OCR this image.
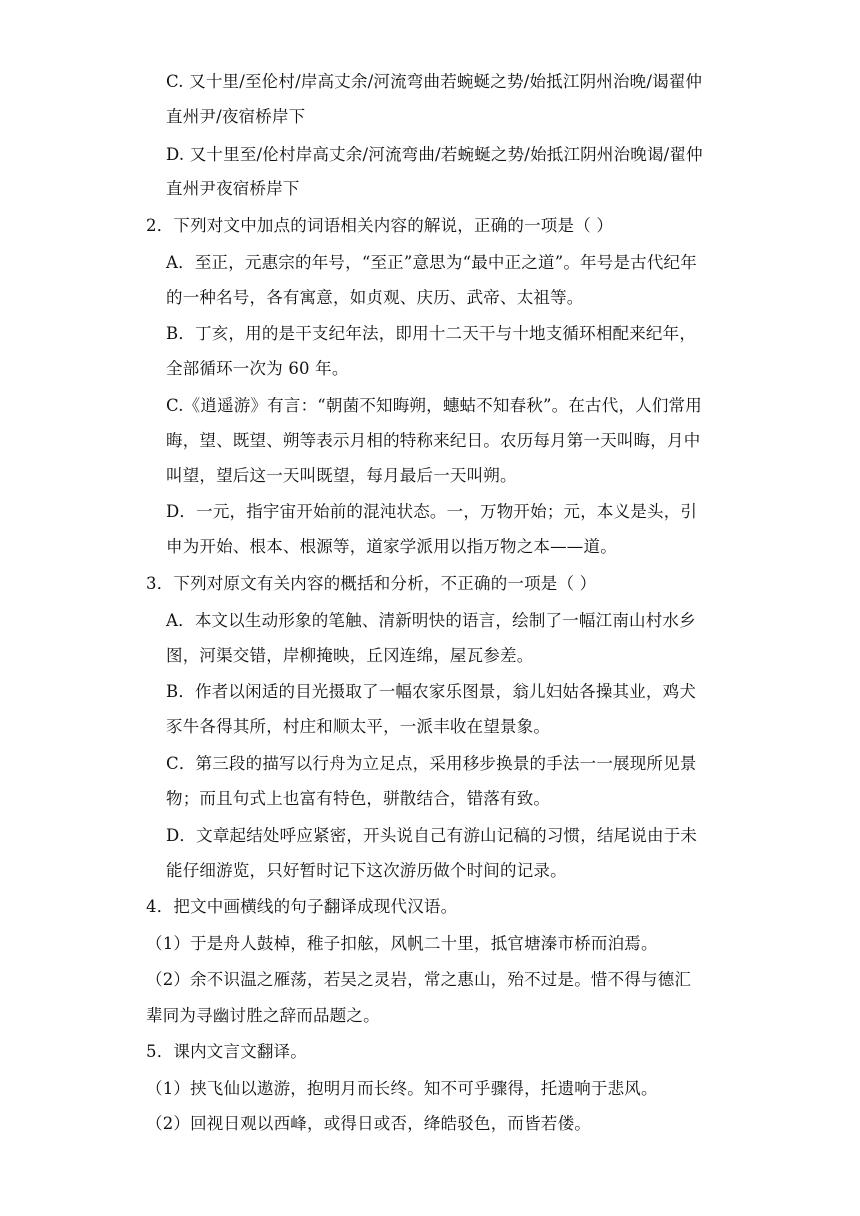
C. 又十里/至伦村/岸高丈余/河流弯曲若蜿蜒之势/始抵江阴州治晚/谒翟仲
直州尹/夜宿桥岸下
D. 又十里至/伦村岸高丈余/河流弯曲/若蜿蜒之势/始抵江阴州治晚谒/翟仲
直州尹夜宿桥岸下
2．下列对文中加点的词语相关内容的解说，正确的一项是（ ）
A．至正，元惠宗的年号，“至正”意思为“最中正之道”。年号是古代纪年
的一种名号，各有寓意，如贞观、庆历、武帝、太祖等。
B．丁亥，用的是干支纪年法，即用十二天干与十地支循环相配来纪年，
全部循环一次为 60 年。
C.《逍遥游》有言：“朝菌不知晦朔，蟪蛄不知春秋”。在古代，人们常用
晦，望、既望、朔等表示月相的特称来纪日。农历每月第一天叫晦，月中
叫望，望后这一天叫既望，每月最后一天叫朔。
D．一元，指宇宙开始前的混沌状态。一，万物开始；元，本义是头，引
申为开始、根本、根源等，道家学派用以指万物之本——道。
3．下列对原文有关内容的概括和分析，不正确的一项是（ ）
A．本文以生动形象的笔触、清新明快的语言，绘制了一幅江南山村水乡
图，河渠交错，岸柳掩映，丘冈连绵，屋瓦参差。
B．作者以闲适的目光摄取了一幅农家乐图景，翁儿妇姑各操其业，鸡犬
豕牛各得其所，村庄和顺太平，一派丰收在望景象。
C．第三段的描写以行舟为立足点，采用移步换景的手法一一展现所见景
物；而且句式上也富有特色，骈散结合，错落有致。
D．文章起结处呼应紧密，开头说自己有游山记稿的习惯，结尾说由于未
能仔细游览，只好暂时记下这次游历做个时间的记录。
4．把文中画横线的句子翻译成现代汉语。
（1）于是舟人鼓棹，稚子扣舷，风帆二十里，抵官塘溱市桥而泊焉。
（2）余不识温之雁荡，若吴之灵岩，常之惠山，殆不过是。惜不得与德汇
辈同为寻幽讨胜之辞而品题之。
5．课内文言文翻译。
（1）挟飞仙以遨游，抱明月而长终。知不可乎骤得，托遗响于悲风。
（2）回视日观以西峰，或得日或否，绛皓驳色，而皆若偻。
